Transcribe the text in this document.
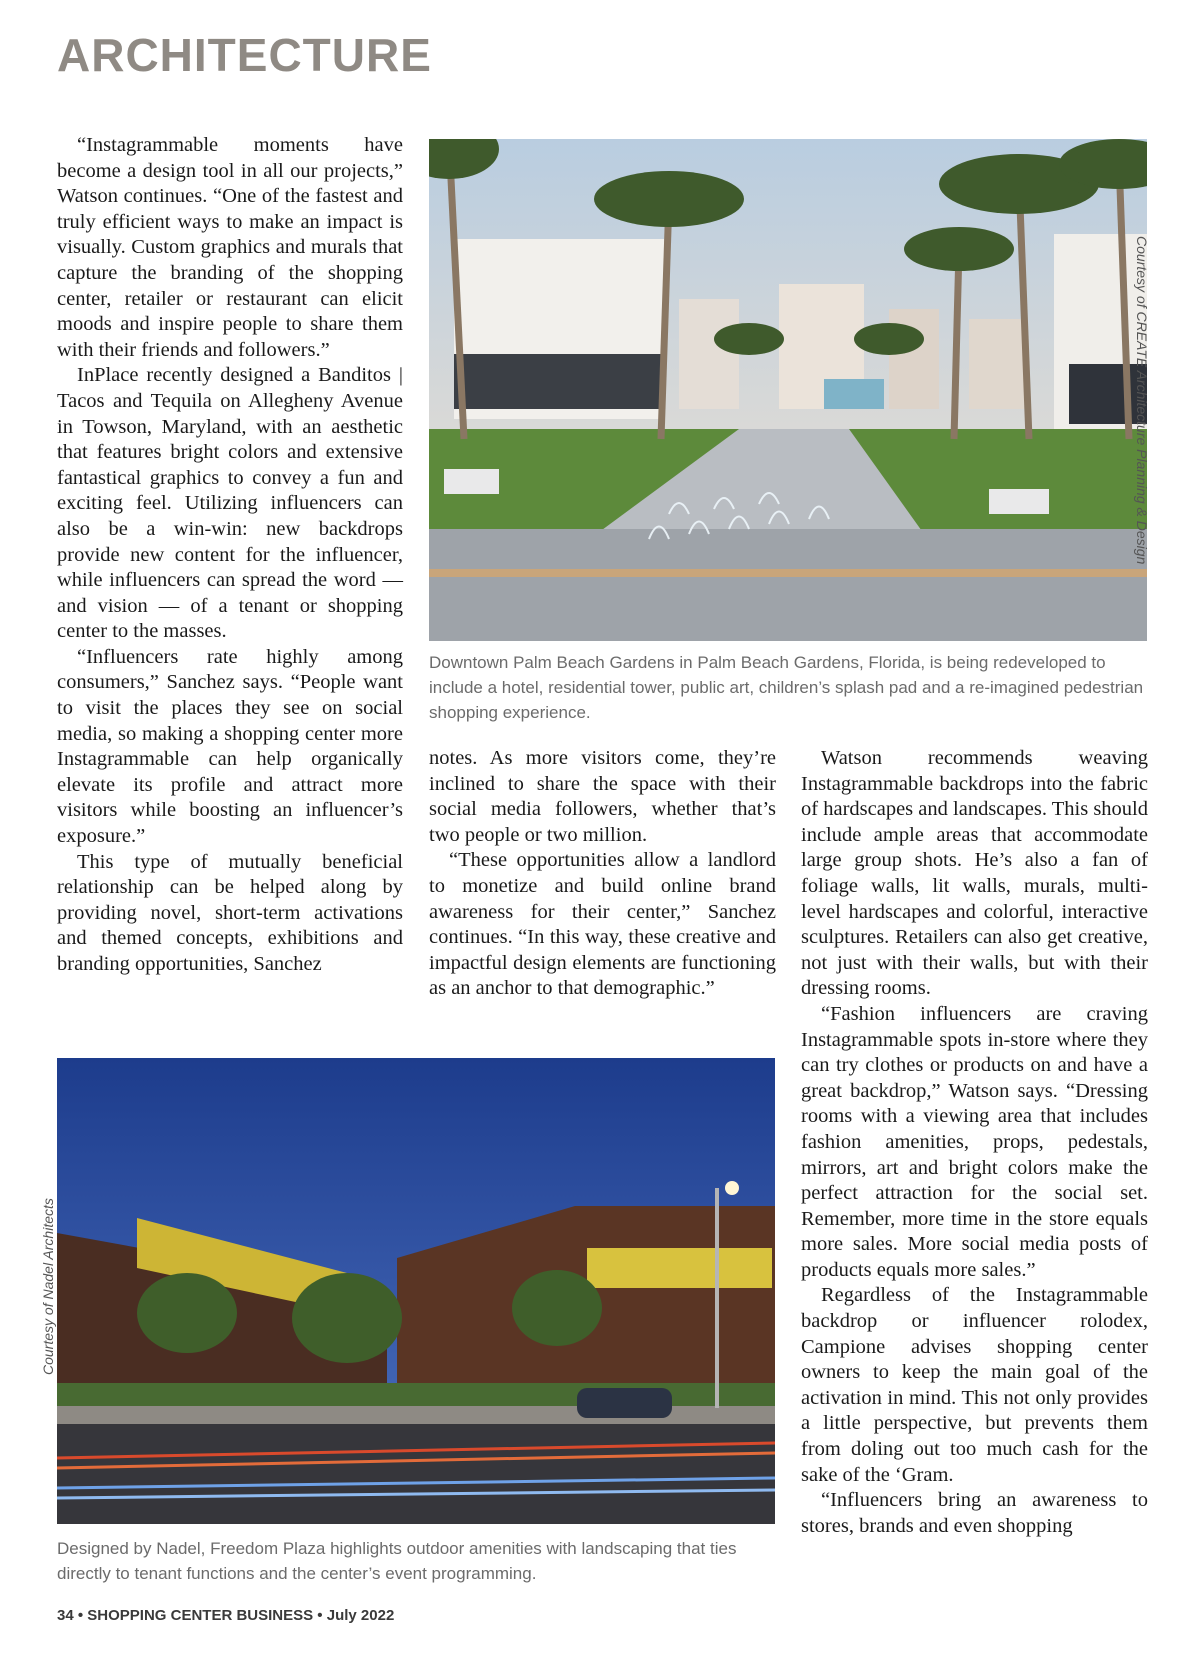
ARCHITECTURE

“Instagrammable moments have become a design tool in all our projects,” Watson continues. “One of the fastest and truly efficient ways to make an impact is visually. Custom graphics and murals that capture the branding of the shopping center, retailer or restaurant can elicit moods and inspire people to share them with their friends and followers.”

InPlace recently designed a Banditos | Tacos and Tequila on Allegheny Avenue in Towson, Maryland, with an aesthetic that features bright colors and extensive fantastical graphics to convey a fun and exciting feel. Utilizing influencers can also be a win-win: new backdrops provide new content for the influencer, while influencers can spread the word — and vision — of a tenant or shopping center to the masses.

“Influencers rate highly among consumers,” Sanchez says. “People want to visit the places they see on social media, so making a shopping center more Instagrammable can help organically elevate its profile and attract more visitors while boosting an influencer’s exposure.”

This type of mutually beneficial relationship can be helped along by providing novel, short-term activations and themed concepts, exhibitions and branding opportunities, Sanchez

Courtesy of CREATE Architecture Planning & Design
Downtown Palm Beach Gardens in Palm Beach Gardens, Florida, is being redeveloped to include a hotel, residential tower, public art, children’s splash pad and a re-imagined pedestrian shopping experience.

notes. As more visitors come, they’re inclined to share the space with their social media followers, whether that’s two people or two million.

“These opportunities allow a landlord to monetize and build online brand awareness for their center,” Sanchez continues. “In this way, these creative and impactful design elements are functioning as an anchor to that demographic.”

Watson recommends weaving Instagrammable backdrops into the fabric of hardscapes and landscapes. This should include ample areas that accommodate large group shots. He’s also a fan of foliage walls, lit walls, murals, multi-level hardscapes and colorful, interactive sculptures. Retailers can also get creative, not just with their walls, but with their dressing rooms.

“Fashion influencers are craving Instagrammable spots in-store where they can try clothes or products on and have a great backdrop,” Watson says. “Dressing rooms with a viewing area that includes fashion amenities, props, pedestals, mirrors, art and bright colors make the perfect attraction for the social set. Remember, more time in the store equals more sales. More social media posts of products equals more sales.”

Regardless of the Instagrammable backdrop or influencer rolodex, Campione advises shopping center owners to keep the main goal of the activation in mind. This not only provides a little perspective, but prevents them from doling out too much cash for the sake of the ‘Gram.

“Influencers bring an awareness to stores, brands and even shopping

Courtesy of Nadel Architects
Designed by Nadel, Freedom Plaza highlights outdoor amenities with landscaping that ties directly to tenant functions and the center’s event programming.
34 • SHOPPING CENTER BUSINESS • July 2022
